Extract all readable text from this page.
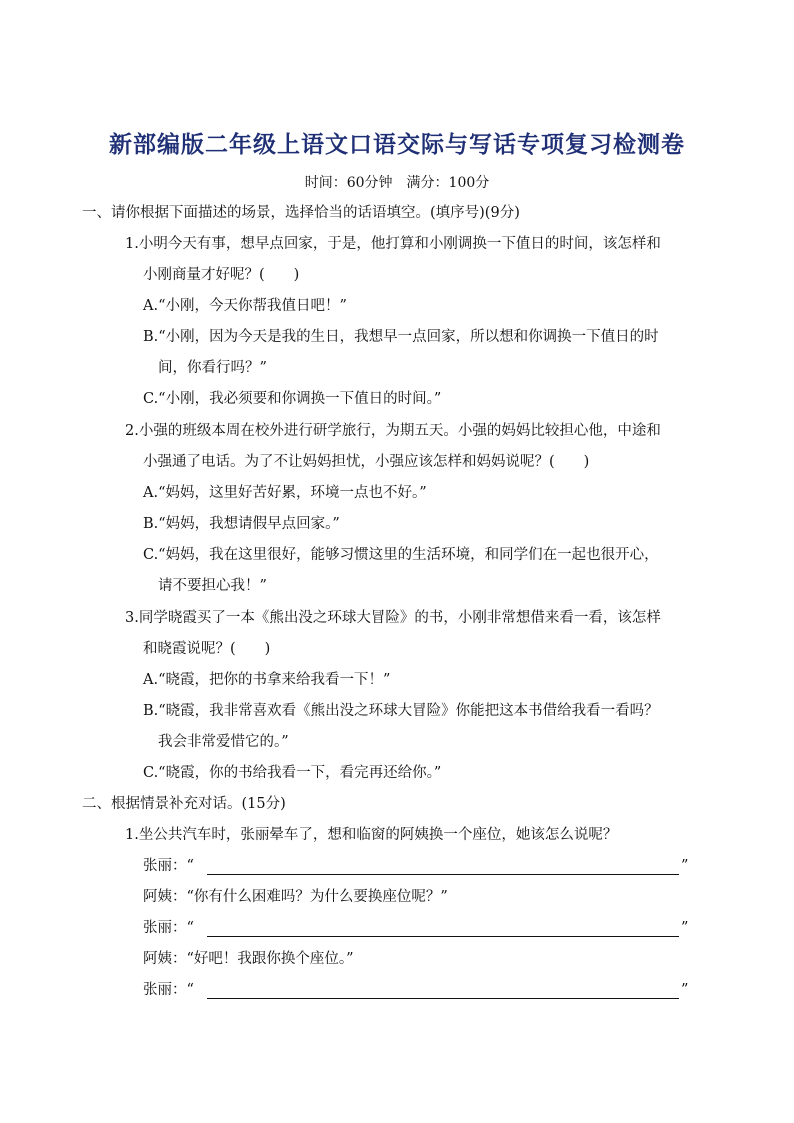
新部编版二年级上语文口语交际与写话专项复习检测卷
时间：60分钟　满分：100分
一、请你根据下面描述的场景，选择恰当的话语填空。(填序号)(9分)
1.小明今天有事，想早点回家，于是，他打算和小刚调换一下值日的时间，该怎样和
小刚商量才好呢？(　　)
A.“小刚，今天你帮我值日吧！”
B.“小刚，因为今天是我的生日，我想早一点回家，所以想和你调换一下值日的时
间，你看行吗？”
C.“小刚，我必须要和你调换一下值日的时间。”
2.小强的班级本周在校外进行研学旅行，为期五天。小强的妈妈比较担心他，中途和
小强通了电话。为了不让妈妈担忧，小强应该怎样和妈妈说呢？(　　)
A.“妈妈，这里好苦好累，环境一点也不好。”
B.“妈妈，我想请假早点回家。”
C.“妈妈，我在这里很好，能够习惯这里的生活环境，和同学们在一起也很开心，
请不要担心我！”
3.同学晓霞买了一本《熊出没之环球大冒险》的书，小刚非常想借来看一看，该怎样
和晓霞说呢？(　　)
A.“晓霞，把你的书拿来给我看一下！”
B.“晓霞，我非常喜欢看《熊出没之环球大冒险》你能把这本书借给我看一看吗？
我会非常爱惜它的。”
C.“晓霞，你的书给我看一下，看完再还给你。”
二、根据情景补充对话。(15分)
1.坐公共汽车时，张丽晕车了，想和临窗的阿姨换一个座位，她该怎么说呢？
张丽：“	”
阿姨：“你有什么困难吗？为什么要换座位呢？”
张丽：“	”
阿姨：“好吧！我跟你换个座位。”
张丽：“	”
